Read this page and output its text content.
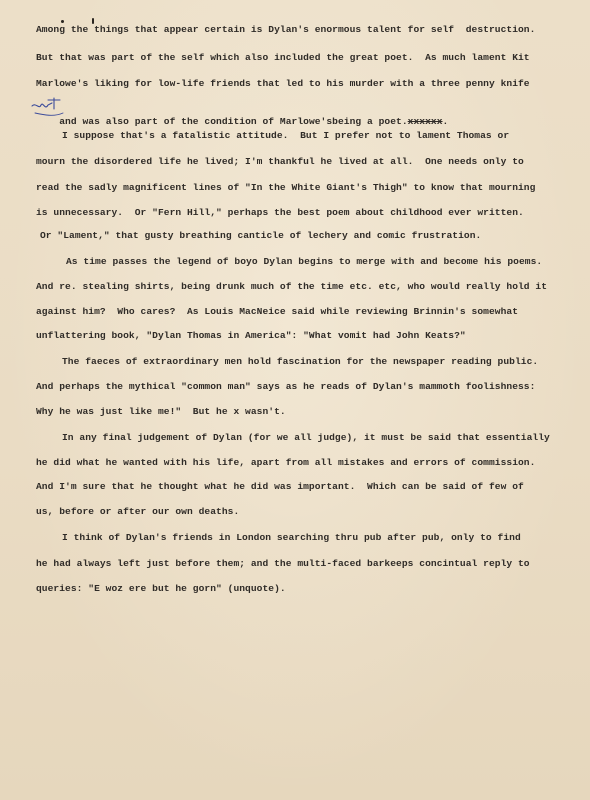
Among the things that appear certain is Dylan's enormous talent for self  destruction.
But that was part of the self which also included the great poet.  As much lament Kit
Marlowe's liking for low-life friends that led to his murder with a three penny knife

and was also part of the condition of Marlowe'sbeing a poet.xxxxxx.

I suppose that's a fatalistic attitude.  But I prefer not to lament Thomas or
mourn the disordered life he lived; I'm thankful he lived at all.  One needs only to
read the sadly magnificent lines of "In the White Giant's Thigh" to know that mourning
is unnecessary.  Or "Fern Hill," perhaps the best poem about childhood ever written.
Or "Lament," that gusty breathing canticle of lechery and comic frustration.
As time passes the legend of boyo Dylan begins to merge with and become his poems.
And re. stealing shirts, being drunk much of the time etc. etc, who would really hold it
against him?  Who cares?  As Louis MacNeice said while reviewing Brinnin's somewhat
unflattering book, "Dylan Thomas in America": "What vomit had John Keats?"
The faeces of extraordinary men hold fascination for the newspaper reading public.
And perhaps the mythical "common man" says as he reads of Dylan's mammoth foolishness:
Why he was just like me!"  But he x wasn't.
In any final judgement of Dylan (for we all judge), it must be said that essentially
he did what he wanted with his life, apart from all mistakes and errors of commission.
And I'm sure that he thought what he did was important.  Which can be said of few of
us, before or after our own deaths.
I think of Dylan's friends in London searching thru pub after pub, only to find
he had always left just before them; and the multi-faced barkeeps concintual reply to
queries: "E woz ere but he gorn" (unquote).
